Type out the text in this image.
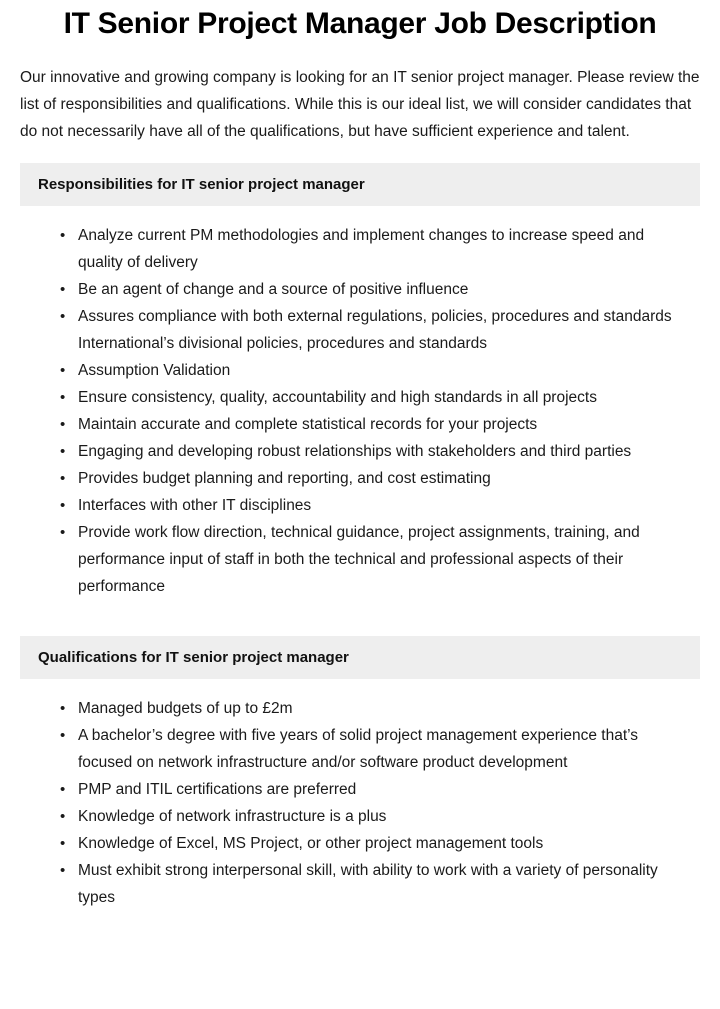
IT Senior Project Manager Job Description

Our innovative and growing company is looking for an IT senior project manager. Please review the list of responsibilities and qualifications. While this is our ideal list, we will consider candidates that do not necessarily have all of the qualifications, but have sufficient experience and talent.

Responsibilities for IT senior project manager
• Analyze current PM methodologies and implement changes to increase speed and quality of delivery
• Be an agent of change and a source of positive influence
• Assures compliance with both external regulations, policies, procedures and standards International’s divisional policies, procedures and standards
• Assumption Validation
• Ensure consistency, quality, accountability and high standards in all projects
• Maintain accurate and complete statistical records for your projects
• Engaging and developing robust relationships with stakeholders and third parties
• Provides budget planning and reporting, and cost estimating
• Interfaces with other IT disciplines
• Provide work flow direction, technical guidance, project assignments, training, and performance input of staff in both the technical and professional aspects of their performance
Qualifications for IT senior project manager
• Managed budgets of up to £2m
• A bachelor’s degree with five years of solid project management experience that’s focused on network infrastructure and/or software product development
• PMP and ITIL certifications are preferred
• Knowledge of network infrastructure is a plus
• Knowledge of Excel, MS Project, or other project management tools
• Must exhibit strong interpersonal skill, with ability to work with a variety of personality types
